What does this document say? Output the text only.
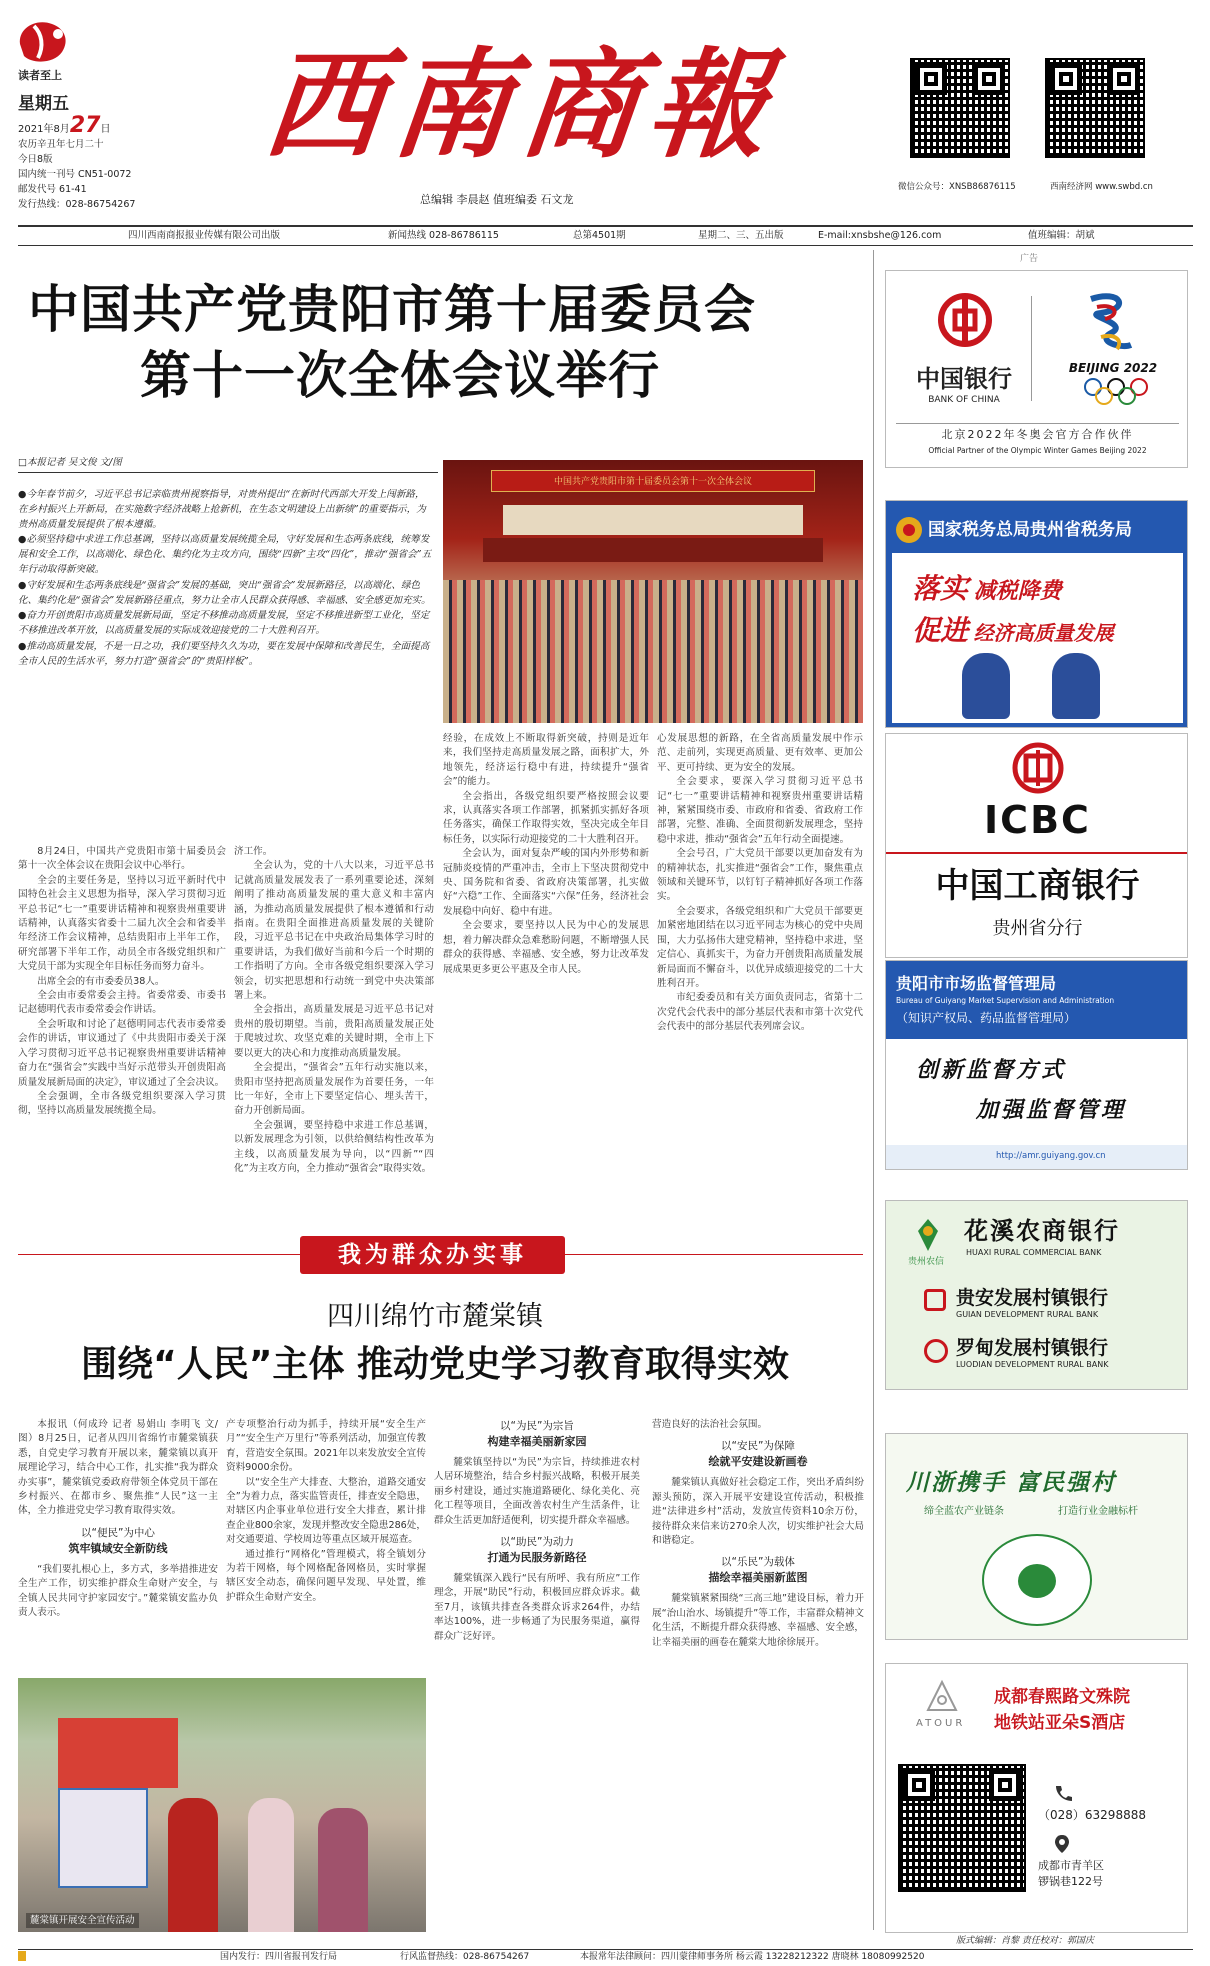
读者至上 西南商報
星期五
2021年8月27日
农历辛丑年七月二十
今日8版
国内统一刊号 CN51-0072
邮发代号 61-41
发行热线：028-86754267	总编辑 李晨赵 值班编委 石文龙
微信公众号：XNSB86876115	西南经济网 www.swbd.cn
四川西南商报报业传媒有限公司出版	新闻热线 028-86786115	总第4501期	星期二、三、五出版	E-mail:xnsbshe@126.com	值班编辑：胡斌
中国共产党贵阳市第十届委员会
第十一次全体会议举行
□本报记者 吴文俊 文/图

●今年春节前夕，习近平总书记亲临贵州视察指导，对贵州提出“在新时代西部大开发上闯新路，在乡村振兴上开新局，在实施数字经济战略上抢新机，在生态文明建设上出新绩”的重要指示，为贵州高质量发展提供了根本遵循。

●必须坚持稳中求进工作总基调，坚持以高质量发展统揽全局，守好发展和生态两条底线，统筹发展和安全工作，以高端化、绿色化、集约化为主攻方向，围绕“四新”主攻“四化”，推动“强省会”五年行动取得新突破。

●守好发展和生态两条底线是“强省会”发展的基础，突出“强省会”发展新路径，以高端化、绿色化、集约化是“强省会”发展新路径重点，努力让全市人民群众获得感、幸福感、安全感更加充实。

●奋力开创贵阳市高质量发展新局面，坚定不移推动高质量发展，坚定不移推进新型工业化，坚定不移推进改革开放，以高质量发展的实际成效迎接党的二十大胜利召开。

●推动高质量发展，不是一日之功，我们要坚持久久为功，要在发展中保障和改善民生，全面提高全市人民的生活水平，努力打造“强省会”的“贵阳样板”。

中国共产党贵阳市第十届委员会第十一次全体会议

8月24日，中国共产党贵阳市第十届委员会第十一次全体会议在贵阳会议中心举行。

全会的主要任务是，坚持以习近平新时代中国特色社会主义思想为指导，深入学习贯彻习近平总书记“七一”重要讲话精神和视察贵州重要讲话精神，认真落实省委十二届九次全会和省委半年经济工作会议精神，总结贵阳市上半年工作，研究部署下半年工作，动员全市各级党组织和广大党员干部为实现全年目标任务而努力奋斗。

出席全会的有市委委员38人。

全会由市委常委会主持。省委常委、市委书记赵德明代表市委常委会作讲话。

全会听取和讨论了赵德明同志代表市委常委会作的讲话，审议通过了《中共贵阳市委关于深入学习贯彻习近平总书记视察贵州重要讲话精神奋力在“强省会”实践中当好示范带头开创贵阳高质量发展新局面的决定》，审议通过了全会决议。

全会强调，全市各级党组织要深入学习贯彻，坚持以高质量发展统揽全局。

济工作。

全会认为，党的十八大以来，习近平总书记就高质量发展发表了一系列重要论述，深刻阐明了推动高质量发展的重大意义和丰富内涵，为推动高质量发展提供了根本遵循和行动指南。在贵阳全面推进高质量发展的关键阶段，习近平总书记在中央政治局集体学习时的重要讲话，为我们做好当前和今后一个时期的工作指明了方向。全市各级党组织要深入学习领会，切实把思想和行动统一到党中央决策部署上来。

全会指出，高质量发展是习近平总书记对贵州的殷切期望。当前，贵阳高质量发展正处于爬坡过坎、攻坚克难的关键时期，全市上下要以更大的决心和力度推动高质量发展。

全会提出，“强省会”五年行动实施以来，贵阳市坚持把高质量发展作为首要任务，一年比一年好，全市上下要坚定信心、埋头苦干，奋力开创新局面。

全会强调，要坚持稳中求进工作总基调，以新发展理念为引领，以供给侧结构性改革为主线，以高质量发展为导向，以“四新”“四化”为主攻方向，全力推动“强省会”取得实效。

经验，在成效上不断取得新突破，持则是近年来，我们坚持走高质量发展之路，面积扩大，外地领先，经济运行稳中有进，持续提升“强省会”的能力。

全会指出，各级党组织要严格按照会议要求，认真落实各项工作部署，抓紧抓实抓好各项任务落实，确保工作取得实效，坚决完成全年目标任务，以实际行动迎接党的二十大胜利召开。

全会认为，面对复杂严峻的国内外形势和新冠肺炎疫情的严重冲击，全市上下坚决贯彻党中央、国务院和省委、省政府决策部署，扎实做好“六稳”工作、全面落实“六保”任务，经济社会发展稳中向好、稳中有进。

全会要求，要坚持以人民为中心的发展思想，着力解决群众急难愁盼问题，不断增强人民群众的获得感、幸福感、安全感，努力让改革发展成果更多更公平惠及全市人民。

心发展思想的新路，在全省高质量发展中作示范、走前列，实现更高质量、更有效率、更加公平、更可持续、更为安全的发展。

全会要求，要深入学习贯彻习近平总书记“七一”重要讲话精神和视察贵州重要讲话精神，紧紧围绕市委、市政府和省委、省政府工作部署，完整、准确、全面贯彻新发展理念，坚持稳中求进，推动“强省会”五年行动全面提速。

全会号召，广大党员干部要以更加奋发有为的精神状态，扎实推进“强省会”工作，聚焦重点领域和关键环节，以钉钉子精神抓好各项工作落实。

全会要求，各级党组织和广大党员干部要更加紧密地团结在以习近平同志为核心的党中央周围，大力弘扬伟大建党精神，坚持稳中求进，坚定信心、真抓实干，为奋力开创贵阳高质量发展新局面而不懈奋斗，以优异成绩迎接党的二十大胜利召开。

市纪委委员和有关方面负责同志，省第十二次党代会代表中的部分基层代表和市第十次党代会代表中的部分基层代表列席会议。

我为群众办实事
四川绵竹市麓棠镇
围绕“人民”主体 推动党史学习教育取得实效

本报讯（何成玲 记者 易娟山 李明飞 文/图）8月25日，记者从四川省绵竹市麓棠镇获悉，自党史学习教育开展以来，麓棠镇以真开展理论学习，结合中心工作，扎实推“我为群众办实事”，麓棠镇党委政府带领全体党员干部在乡村振兴、在都市乡、聚焦推“人民”这一主体，全力推进党史学习教育取得实效。

以“便民”为中心
筑牢镇域安全新防线

“我们要扎根心上，多方式，多举措推进安全生产工作，切实维护群众生命财产安全，与全镇人民共同守护家园安宁。”麓棠镇安监办负责人表示。

产专项整治行动为抓手，持续开展“安全生产月”“安全生产万里行”等系列活动，加强宣传教育，营造安全氛围。2021年以来发放安全宣传资料9000余份。

以“安全生产大排查、大整治，道路交通安全”为着力点，落实监管责任，排查安全隐患，对辖区内企事业单位进行安全大排查，累计排查企业800余家，发现并整改安全隐患286处，对交通要道、学校周边等重点区域开展巡查。

通过推行“网格化”管理模式，将全镇划分为若干网格，每个网格配备网格员，实时掌握辖区安全动态，确保问题早发现、早处置，维护群众生命财产安全。

麓棠镇开展安全宣传活动
以“为民”为宗旨
构建幸福美丽新家园

麓棠镇坚持以“为民”为宗旨，持续推进农村人居环境整治，结合乡村振兴战略，积极开展美丽乡村建设，通过实施道路硬化、绿化美化、亮化工程等项目，全面改善农村生产生活条件，让群众生活更加舒适便利，切实提升群众幸福感。

以“助民”为动力
打通为民服务新路径

麓棠镇深入践行“民有所呼、我有所应”工作理念，开展“助民”行动，积极回应群众诉求。截至7月，该镇共排查各类群众诉求264件，办结率达100%，进一步畅通了为民服务渠道，赢得群众广泛好评。

营造良好的法治社会氛围。

以“安民”为保障
绘就平安建设新画卷

麓棠镇认真做好社会稳定工作，突出矛盾纠纷源头预防，深入开展平安建设宣传活动，积极推进“法律进乡村”活动，发放宣传资料10余万份，接待群众来信来访270余人次，切实维护社会大局和谐稳定。

以“乐民”为载体
描绘幸福美丽新蓝图

麓棠镇紧紧围绕“三高三地”建设目标，着力开展“治山治水、场镇提升”等工作，丰富群众精神文化生活，不断提升群众获得感、幸福感、安全感，让幸福美丽的画卷在麓棠大地徐徐展开。

广告
中国银行
BANK OF CHINA
BEIJING 2022
北京2022年冬奥会官方合作伙伴
Official Partner of the Olympic Winter Games Beijing 2022
国家税务总局贵州省税务局
落实 减税降费
促进 经济高质量发展
ICBC
中国工商银行
贵州省分行
贵阳市市场监督管理局
Bureau of Guiyang Market Supervision and Administration
（知识产权局、药品监督管理局）
创新监督方式
加强监督管理
http://amr.guiyang.gov.cn
贵州农信
花溪农商银行
HUAXI RURAL COMMERCIAL BANK
贵安发展村镇银行
GUIAN DEVELOPMENT RURAL BANK
罗甸发展村镇银行
LUODIAN DEVELOPMENT RURAL BANK
川浙携手 富民强村
缔全蓝农产业链条	打造行业金融标杆
ATOUR
成都春熙路文殊院
地铁站亚朵S酒店
（028）63298888
成都市青羊区
锣锅巷122号
版式编辑：肖黎 责任校对：郭国庆
国内发行：四川省报刊发行局	行风监督热线：028-86754267	本报常年法律顾问：四川蒙律师事务所 杨云霞 13228212322 唐晓林 18080992520
